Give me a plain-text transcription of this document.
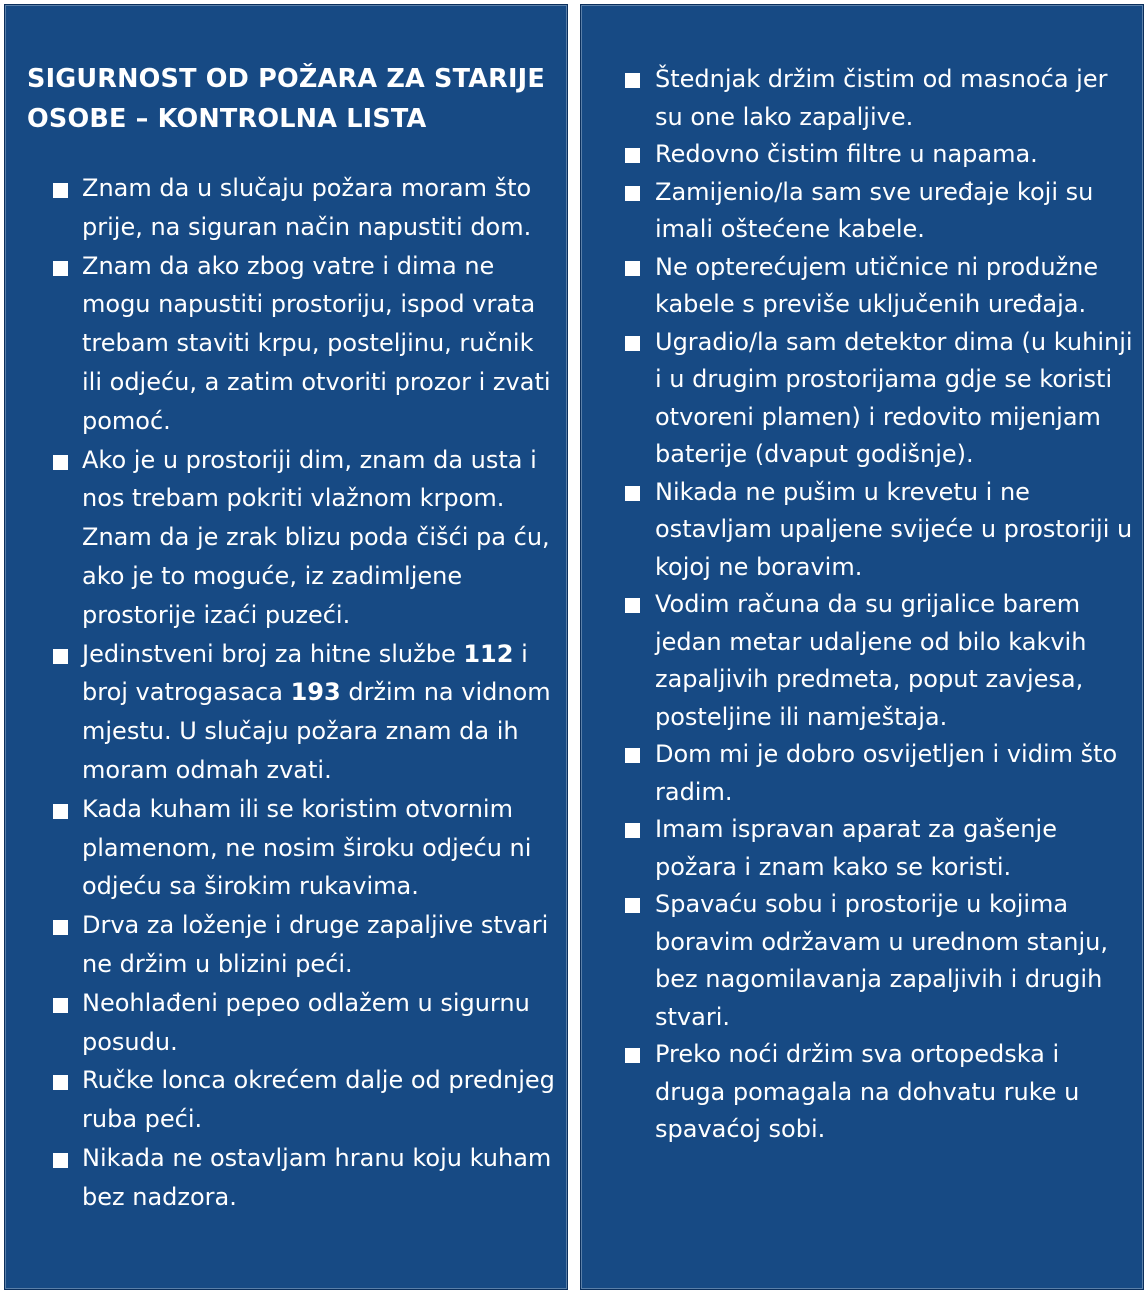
SIGURNOST OD POŽARA ZA STARIJE OSOBE – KONTROLNA LISTA
Znam da u slučaju požara moram što prije, na siguran način napustiti dom.
Znam da ako zbog vatre i dima ne mogu napustiti prostoriju, ispod vrata trebam staviti krpu, posteljinu, ručnik ili odjeću, a zatim otvoriti prozor i zvati pomoć.
Ako je u prostoriji dim, znam da usta i nos trebam pokriti vlažnom krpom. Znam da je zrak blizu poda čišći pa ću, ako je to moguće, iz zadimljene prostorije izaći puzeći.
Jedinstveni broj za hitne službe 112 i broj vatrogasaca 193 držim na vidnom mjestu. U slučaju požara znam da ih moram odmah zvati.
Kada kuham ili se koristim otvornim plamenom, ne nosim široku odjeću ni odjeću sa širokim rukavima.
Drva za loženje i druge zapaljive stvari ne držim u blizini peći.
Neohlađeni pepeo odlažem u sigurnu posudu.
Ručke lonca okrećem dalje od prednjeg ruba peći.
Nikada ne ostavljam hranu koju kuham bez nadzora.
Štednjak držim čistim od masnoća jer su one lako zapaljive.
Redovno čistim filtre u napama.
Zamijenio/la sam sve uređaje koji su imali oštećene kabele.
Ne opterećujem utičnice ni produžne kabele s previše uključenih uređaja.
Ugradio/la sam detektor dima (u kuhinji i u drugim prostorijama gdje se koristi otvoreni plamen) i redovito mijenjam baterije (dvaput godišnje).
Nikada ne pušim u krevetu i ne ostavljam upaljene svijeće u prostoriji u kojoj ne boravim.
Vodim računa da su grijalice barem jedan metar udaljene od bilo kakvih zapaljivih predmeta, poput zavjesa, posteljine ili namještaja.
Dom mi je dobro osvijetljen i vidim što radim.
Imam ispravan aparat za gašenje požara i znam kako se koristi.
Spavaću sobu i prostorije u kojima boravim održavam u urednom stanju, bez nagomilavanja zapaljivih i drugih stvari.
Preko noći držim sva ortopedska i druga pomagala na dohvatu ruke u spavaćoj sobi.
